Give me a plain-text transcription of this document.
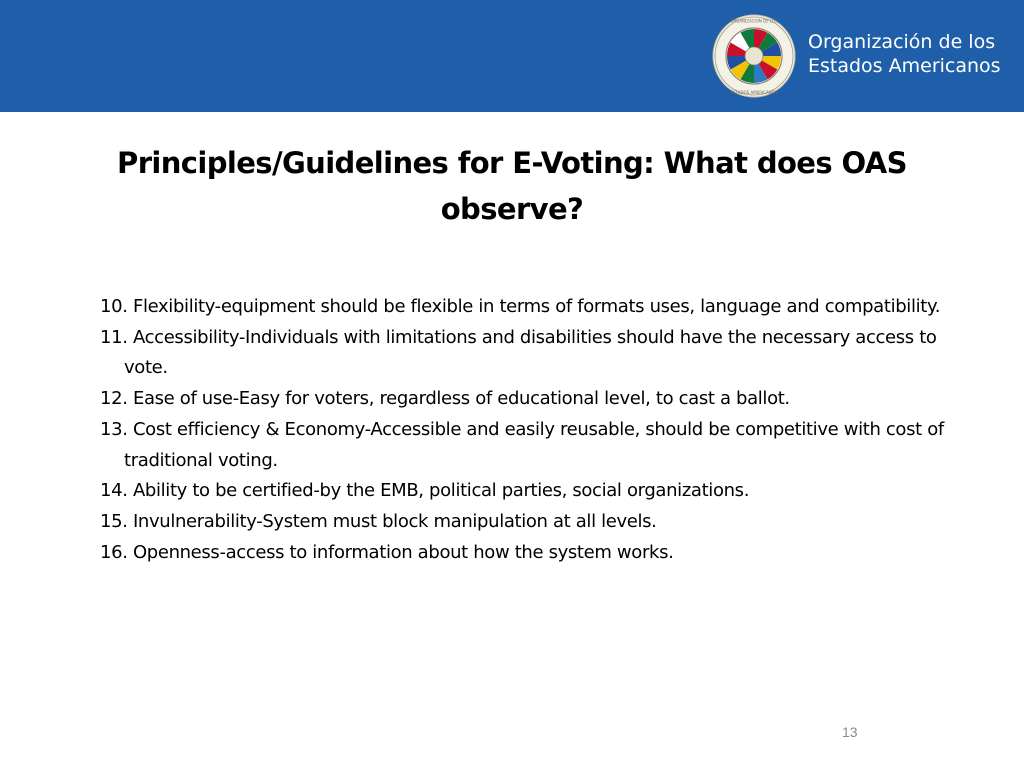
ORGANIZACION DE LOS
ESTADOS AMERICANOS
Organización de los
Estados Americanos
Principles/Guidelines for E-Voting: What does OAS observe?
10. Flexibility-equipment should be flexible in terms of formats uses, language and compatibility.
11. Accessibility-Individuals with limitations and disabilities should have the necessary access to vote.
12. Ease of use-Easy for voters, regardless of educational level, to cast a ballot.
13. Cost efficiency & Economy-Accessible and easily reusable, should be competitive with cost of traditional voting.
14. Ability to be certified-by the EMB, political parties, social organizations.
15. Invulnerability-System must block manipulation at all levels.
16. Openness-access to information about how the system works.
13
